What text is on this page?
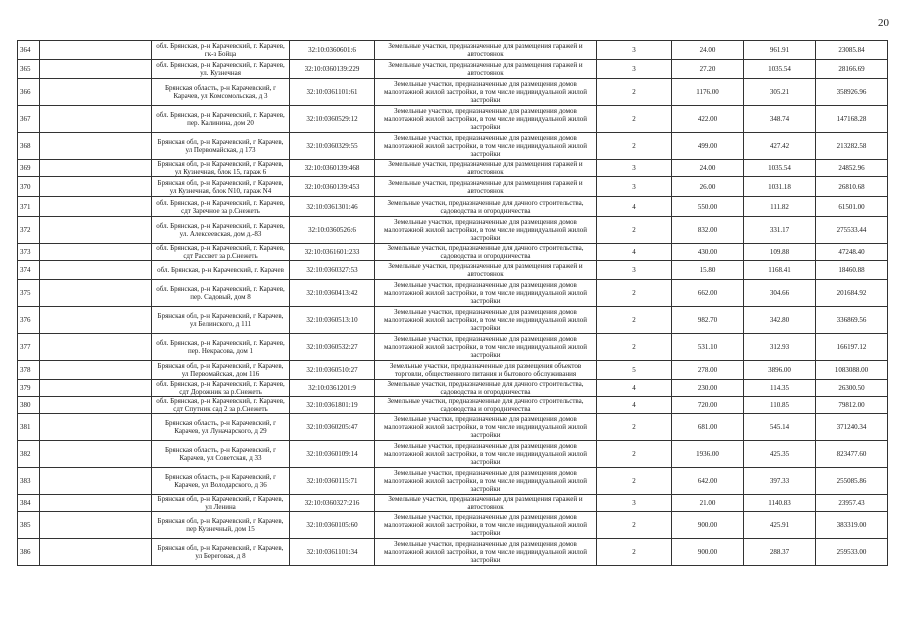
20
364		обл. Брянская, р-н Карачевский, г. Карачев, гк-з Бойца	32:10:0360601:6	Земельные участки, предназначенные для размещения гаражей и автостоянок	3	24.00	961.91	23085.84
365		обл. Брянская, р-н Карачевский, г. Карачев, ул. Кузнечная	32:10:0360139:229	Земельные участки, предназначенные для размещения гаражей и автостоянок	3	27.20	1035.54	28166.69
366		Брянская область, р-н Карачевский, г Карачев, ул Комсомольская, д 3	32:10:0361101:61	Земельные участки, предназначенные для размещения домов малоэтажной жилой застройки, в том числе индивидуальной жилой застройки	2	1176.00	305.21	358926.96
367		обл. Брянская, р-н Карачевский, г. Карачев, пер. Калинина, дом 20	32:10:0360529:12	Земельные участки, предназначенные для размещения домов малоэтажной жилой застройки, в том числе индивидуальной жилой застройки	2	422.00	348.74	147168.28
368		Брянская обл, р-н Карачевский, г Карачев, ул Первомайская, д 173	32:10:0360329:55	Земельные участки, предназначенные для размещения домов малоэтажной жилой застройки, в том числе индивидуальной жилой застройки	2	499.00	427.42	213282.58
369		Брянская обл, р-н Карачевский, г Карачев, ул Кузнечная, блок 15, гараж 6	32:10:0360139:468	Земельные участки, предназначенные для размещения гаражей и автостоянок	3	24.00	1035.54	24852.96
370		Брянская обл, р-н Карачевский, г Карачев, ул Кузнечная, блок N10, гараж N4	32:10:0360139:453	Земельные участки, предназначенные для размещения гаражей и автостоянок	3	26.00	1031.18	26810.68
371		обл. Брянская, р-н Карачевский, г. Карачев, сдт Заречное за р.Снежеть	32:10:0361301:46	Земельные участки, предназначенные для дачного строительства, садоводства и огородничества	4	550.00	111.82	61501.00
372		обл. Брянская, р-н Карачевский, г. Карачев, ул. Алексеевская, дом д.-83	32:10:0360526:6	Земельные участки, предназначенные для размещения домов малоэтажной жилой застройки, в том числе индивидуальной жилой застройки	2	832.00	331.17	275533.44
373		обл. Брянская, р-н Карачевский, г. Карачев, сдт Рассвет за р.Снежеть	32:10:0361601:233	Земельные участки, предназначенные для дачного строительства, садоводства и огородничества	4	430.00	109.88	47248.40
374		обл. Брянская, р-н Карачевский, г. Карачев	32:10:0360327:53	Земельные участки, предназначенные для размещения гаражей и автостоянок	3	15.80	1168.41	18460.88
375		обл. Брянская, р-н Карачевский, г. Карачев, пер. Садовый, дом 8	32:10:0360413:42	Земельные участки, предназначенные для размещения домов малоэтажной жилой застройки, в том числе индивидуальной жилой застройки	2	662.00	304.66	201684.92
376		Брянская обл, р-н Карачевский, г Карачев, ул Белинского, д 111	32:10:0360513:10	Земельные участки, предназначенные для размещения домов малоэтажной жилой застройки, в том числе индивидуальной жилой застройки	2	982.70	342.80	336869.56
377		обл. Брянская, р-н Карачевский, г. Карачев, пер. Некрасова, дом 1	32:10:0360532:27	Земельные участки, предназначенные для размещения домов малоэтажной жилой застройки, в том числе индивидуальной жилой застройки	2	531.10	312.93	166197.12
378		Брянская обл, р-н Карачевский, г Карачев, ул Первомайская, дом 116	32:10:0360510:27	Земельные участки, предназначенные для размещения объектов торговли, общественного питания и бытового обслуживания	5	278.00	3896.00	1083088.00
379		обл. Брянская, р-н Карачевский, г. Карачев, сдт Дорожник за р.Снежеть	32:10:0361201:9	Земельные участки, предназначенные для дачного строительства, садоводства и огородничества	4	230.00	114.35	26300.50
380		обл. Брянская, р-н Карачевский, г. Карачев, сдт Спутник сад 2 за р.Снежеть	32:10:0361801:19	Земельные участки, предназначенные для дачного строительства, садоводства и огородничества	4	720.00	110.85	79812.00
381		Брянская область, р-н Карачевский, г Карачев, ул Луначарского, д 29	32:10:0360205:47	Земельные участки, предназначенные для размещения домов малоэтажной жилой застройки, в том числе индивидуальной жилой застройки	2	681.00	545.14	371240.34
382		Брянская область, р-н Карачевский, г Карачев, ул Советская, д 33	32:10:0360109:14	Земельные участки, предназначенные для размещения домов малоэтажной жилой застройки, в том числе индивидуальной жилой застройки	2	1936.00	425.35	823477.60
383		Брянская область, р-н Карачевский, г Карачев, ул Володарского, д 36	32:10:0360115:71	Земельные участки, предназначенные для размещения домов малоэтажной жилой застройки, в том числе индивидуальной жилой застройки	2	642.00	397.33	255085.86
384		Брянская обл, р-н Карачевский, г Карачев, ул Ленина	32:10:0360327:216	Земельные участки, предназначенные для размещения гаражей и автостоянок	3	21.00	1140.83	23957.43
385		Брянская обл, р-н Карачевский, г Карачев, пер Кузнечный, дом 15	32:10:0360105:60	Земельные участки, предназначенные для размещения домов малоэтажной жилой застройки, в том числе индивидуальной жилой застройки	2	900.00	425.91	383319.00
386		Брянская обл, р-н Карачевский, г Карачев, ул Береговая, д 8	32:10:0361101:34	Земельные участки, предназначенные для размещения домов малоэтажной жилой застройки, в том числе индивидуальной жилой застройки	2	900.00	288.37	259533.00
